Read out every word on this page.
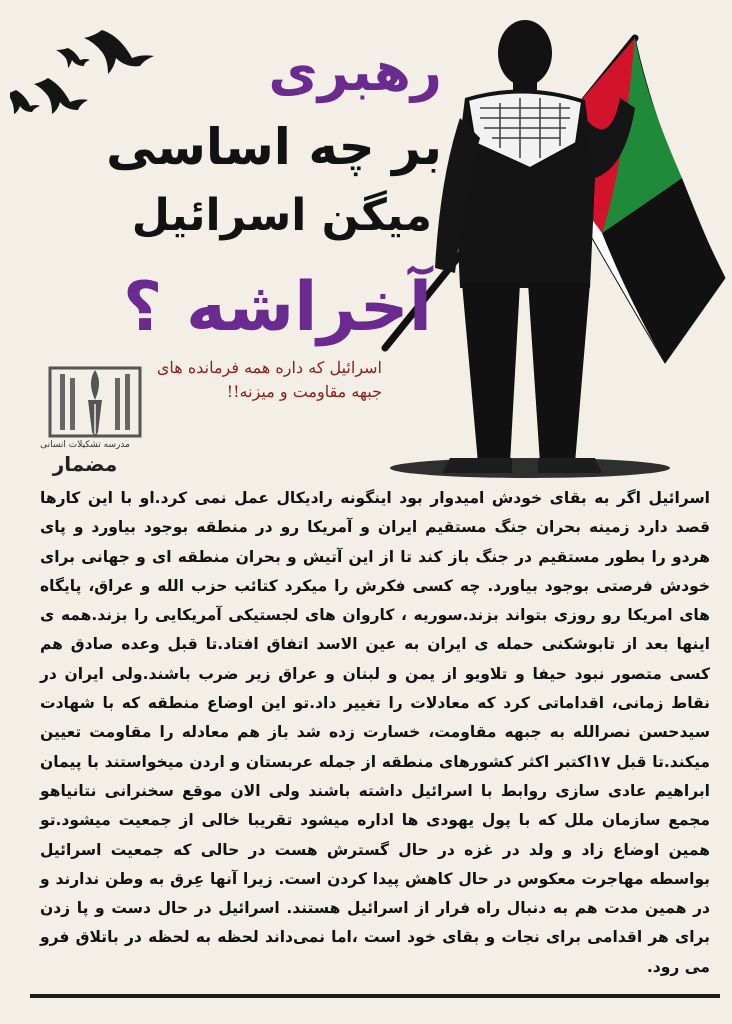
رهبری
بر چه اساسی
میگن اسرائیل
آخراشه ؟
اسرائیل که داره همه فرمانده های جبهه مقاومت و میزنه!!
مدرسه تشکیلات انسانی
مضمار

اسرائیل اگر به بقای خودش امیدوار بود اینگونه رادیکال عمل نمی کرد.او با این کارها قصد دارد زمینه بحران جنگ مستقیم ایران و آمریکا رو در منطقه بوجود بیاورد و پای هردو را بطور مستقیم در جنگ باز کند تا از این آتیش و بحران منطقه ای و جهانی برای خودش فرصتی بوجود بیاورد. چه کسی فکرش را میکرد کتائب حزب الله و عراق، پایگاه های امریکا رو روزی بتواند بزند.سوریه ، کاروان های لجستیکی آمریکایی را بزند.همه ی اینها بعد از تابوشکنی حمله ی ایران به عین الاسد اتفاق افتاد.تا قبل وعده صادق هم کسی متصور نبود حیفا و تلاویو از یمن و لبنان و عراق زیر ضرب باشند.ولی ایران در نقاط زمانی، اقداماتی کرد که معادلات را تغییر داد.تو این اوضاع منطقه که با شهادت سیدحسن نصرالله به جبهه مقاومت، خسارت زده شد باز هم معادله را مقاومت تعیین میکند.تا قبل ۱۷اکتبر اکثر کشورهای منطقه از جمله عربستان و اردن میخواستند با پیمان ابراهیم عادی سازی روابط با اسرائیل داشته باشند ولی الان موقع سخنرانی نتانیاهو مجمع سازمان ملل که با پول یهودی ها اداره میشود تقریبا خالی از جمعیت میشود.تو همین اوضاع زاد و ولد در غزه در حال گسترش هست در حالی که جمعیت اسرائیل بواسطه مهاجرت معکوس در حال کاهش پیدا کردن است. زیرا آنها عِرق به وطن ندارند و در همین مدت هم به دنبال راه فرار از اسرائیل هستند. اسرائیل در حال دست و پا زدن برای هر اقدامی برای نجات و بقای خود است ،اما نمی‌داند لحظه به لحظه در باتلاق فرو می رود.
